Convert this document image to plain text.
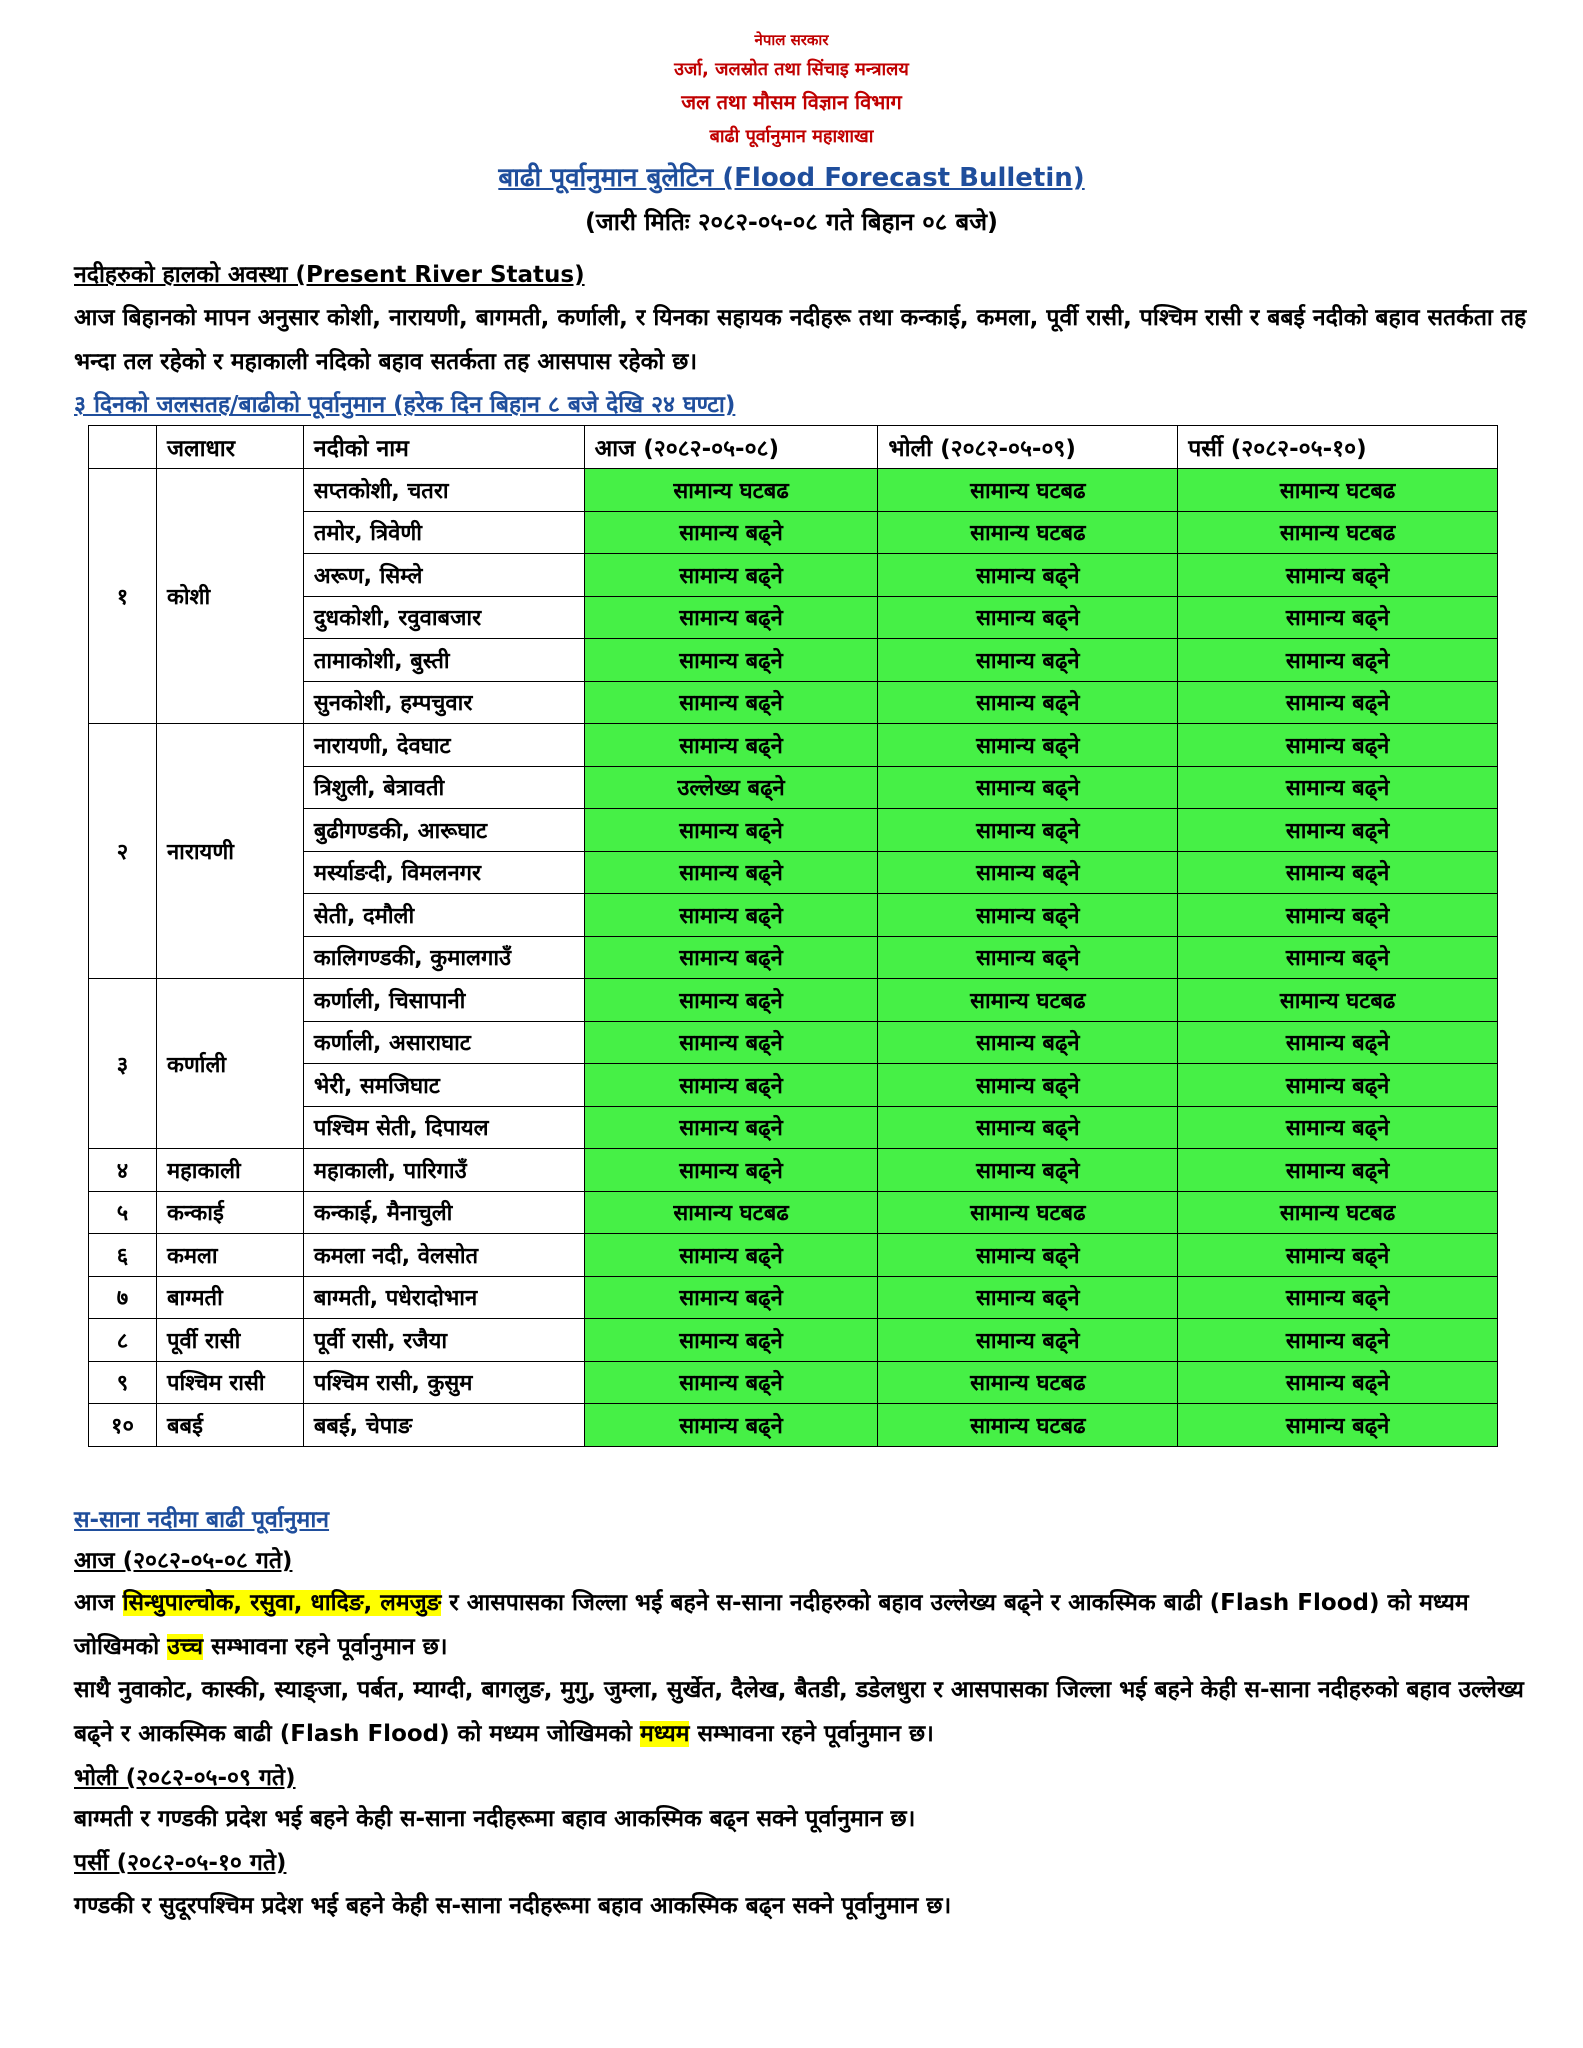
नेपाल सरकार
उर्जा, जलस्रोत तथा सिंचाइ मन्त्रालय
जल तथा मौसम विज्ञान विभाग
बाढी पूर्वानुमान महाशाखा
बाढी पूर्वानुमान बुलेटिन (Flood Forecast Bulletin)
(जारी मितिः २०८२-०५-०८ गते बिहान ०८ बजे)
नदीहरुको हालको अवस्था (Present River Status)
आज बिहानको मापन अनुसार कोशी, नारायणी, बागमती, कर्णाली, र यिनका सहायक नदीहरू तथा कन्काई, कमला, पूर्वी रासी, पश्चिम रासी र बबई नदीको बहाव सतर्कता तह भन्दा तल रहेको र महाकाली नदिको बहाव सतर्कता तह आसपास रहेको छ।
३ दिनको जलसतह/बाढीको पूर्वानुमान (हरेक दिन बिहान ८ बजे देखि २४ घण्टा)
	जलाधार	नदीको नाम	आज (२०८२-०५-०८)	भोली (२०८२-०५-०९)	पर्सी (२०८२-०५-१०)
१	कोशी	सप्तकोशी, चतरा	सामान्य घटबढ	सामान्य घटबढ	सामान्य घटबढ
		तमोर, त्रिवेणी	सामान्य बढ्ने	सामान्य घटबढ	सामान्य घटबढ
		अरूण, सिम्ले	सामान्य बढ्ने	सामान्य बढ्ने	सामान्य बढ्ने
		दुधकोशी, रवुवाबजार	सामान्य बढ्ने	सामान्य बढ्ने	सामान्य बढ्ने
		तामाकोशी, बुस्ती	सामान्य बढ्ने	सामान्य बढ्ने	सामान्य बढ्ने
		सुनकोशी, हम्पचुवार	सामान्य बढ्ने	सामान्य बढ्ने	सामान्य बढ्ने
२	नारायणी	नारायणी, देवघाट	सामान्य बढ्ने	सामान्य बढ्ने	सामान्य बढ्ने
		त्रिशुली, बेत्रावती	उल्लेख्य बढ्ने	सामान्य बढ्ने	सामान्य बढ्ने
		बुढीगण्डकी, आरूघाट	सामान्य बढ्ने	सामान्य बढ्ने	सामान्य बढ्ने
		मर्स्याङदी, विमलनगर	सामान्य बढ्ने	सामान्य बढ्ने	सामान्य बढ्ने
		सेती, दमौली	सामान्य बढ्ने	सामान्य बढ्ने	सामान्य बढ्ने
		कालिगण्डकी, कुमालगाउँ	सामान्य बढ्ने	सामान्य बढ्ने	सामान्य बढ्ने
३	कर्णाली	कर्णाली, चिसापानी	सामान्य बढ्ने	सामान्य घटबढ	सामान्य घटबढ
		कर्णाली, असाराघाट	सामान्य बढ्ने	सामान्य बढ्ने	सामान्य बढ्ने
		भेरी, समजिघाट	सामान्य बढ्ने	सामान्य बढ्ने	सामान्य बढ्ने
		पश्चिम सेती, दिपायल	सामान्य बढ्ने	सामान्य बढ्ने	सामान्य बढ्ने
४	महाकाली	महाकाली, पारिगाउँ	सामान्य बढ्ने	सामान्य बढ्ने	सामान्य बढ्ने
५	कन्काई	कन्काई, मैनाचुली	सामान्य घटबढ	सामान्य घटबढ	सामान्य घटबढ
६	कमला	कमला नदी, वेलसोत	सामान्य बढ्ने	सामान्य बढ्ने	सामान्य बढ्ने
७	बाग्मती	बाग्मती, पधेरादोभान	सामान्य बढ्ने	सामान्य बढ्ने	सामान्य बढ्ने
८	पूर्वी रासी	पूर्वी रासी, रजैया	सामान्य बढ्ने	सामान्य बढ्ने	सामान्य बढ्ने
९	पश्चिम रासी	पश्चिम रासी, कुसुम	सामान्य बढ्ने	सामान्य घटबढ	सामान्य बढ्ने
१०	बबई	बबई, चेपाङ	सामान्य बढ्ने	सामान्य घटबढ	सामान्य बढ्ने
स-साना नदीमा बाढी पूर्वानुमान
आज (२०८२-०५-०८ गते)
आज सिन्धुपाल्चोक, रसुवा, धादिङ, लमजुङ र आसपासका जिल्ला भई बहने स-साना नदीहरुको बहाव उल्लेख्य बढ्ने र आकस्मिक बाढी (Flash Flood) को मध्यम जोखिमको उच्च सम्भावना रहने पूर्वानुमान छ।
साथै नुवाकोट, कास्की, स्याङ्जा, पर्बत, म्याग्दी, बागलुङ, मुगु, जुम्ला, सुर्खेत, दैलेख, बैतडी, डडेलधुरा र आसपासका जिल्ला भई बहने केही स-साना नदीहरुको बहाव उल्लेख्य बढ्ने र आकस्मिक बाढी (Flash Flood) को मध्यम जोखिमको मध्यम सम्भावना रहने पूर्वानुमान छ।
भोली (२०८२-०५-०९ गते)
बाग्मती र गण्डकी प्रदेश भई बहने केही स-साना नदीहरूमा बहाव आकस्मिक बढ्न सक्ने पूर्वानुमान छ।
पर्सी (२०८२-०५-१० गते)
गण्डकी र सुदूरपश्चिम प्रदेश भई बहने केही स-साना नदीहरूमा बहाव आकस्मिक बढ्न सक्ने पूर्वानुमान छ।
